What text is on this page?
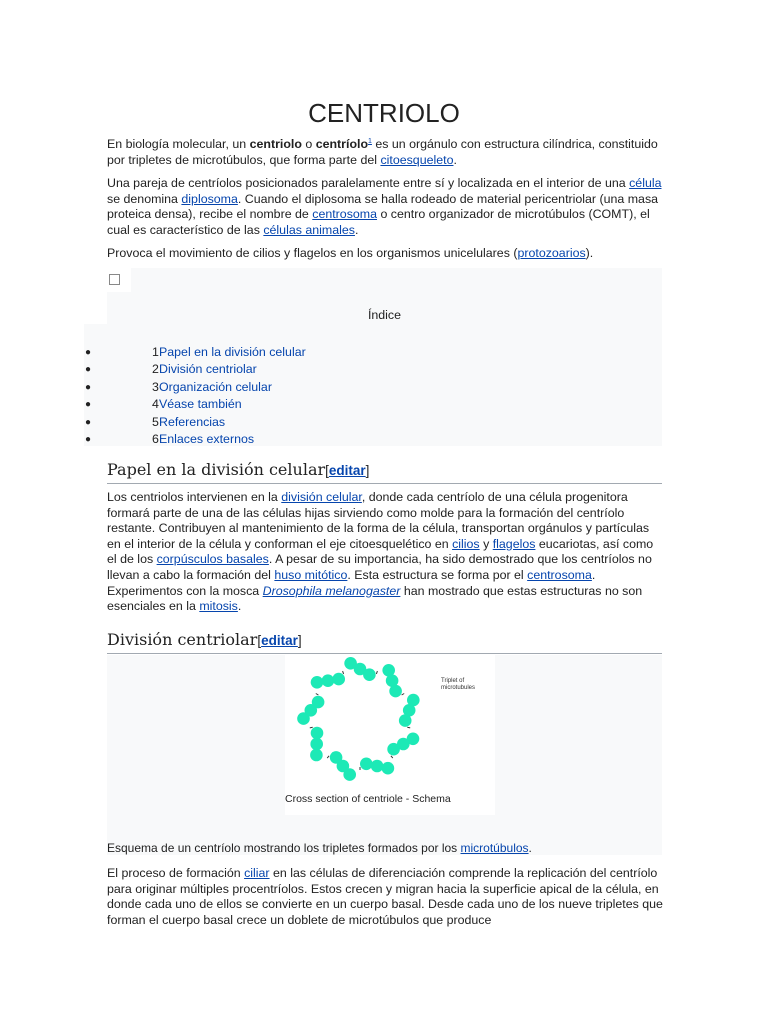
CENTRIOLO

En biología molecular, un centriolo o centríolo$^1$ es un orgánulo con estructura cilíndrica, constituido por tripletes de microtúbulos, que forma parte del citoesqueleto.

Una pareja de centríolos posicionados paralelamente entre sí y localizada en el interior de una célula se denomina diplosoma. Cuando el diplosoma se halla rodeado de material pericentriolar (una masa proteica densa), recibe el nombre de centrosoma o centro organizador de microtúbulos (COMT), el cual es característico de las células animales.

Provoca el movimiento de cilios y flagelos en los organismos unicelulares (protozoarios).

Índice
●	1 Papel en la división celular
●	2 División centriolar
●	3 Organización celular
●	4 Véase también
●	5 Referencias
●	6 Enlaces externos
Papel en la división celular[editar]

Los centriolos intervienen en la división celular, donde cada centríolo de una célula progenitora formará parte de una de las células hijas sirviendo como molde para la formación del centríolo restante. Contribuyen al mantenimiento de la forma de la célula, transportan orgánulos y partículas en el interior de la célula y conforman el eje citoesquelético en cilios y flagelos eucariotas, así como el de los corpúsculos basales. A pesar de su importancia, ha sido demostrado que los centríolos no llevan a cabo la formación del huso mitótico. Esta estructura se forma por el centrosoma. Experimentos con la mosca Drosophila melanogaster han mostrado que estas estructuras no son esenciales en la mitosis.

División centriolar[editar]
Triplet of
microtubules
Cross section of centriole - Schema
Esquema de un centríolo mostrando los tripletes formados por los microtúbulos.

El proceso de formación ciliar en las células de diferenciación comprende la replicación del centríolo para originar múltiples procentríolos. Estos crecen y migran hacia la superficie apical de la célula, en donde cada uno de ellos se convierte en un cuerpo basal. Desde cada uno de los nueve tripletes que forman el cuerpo basal crece un doblete de microtúbulos que produce
